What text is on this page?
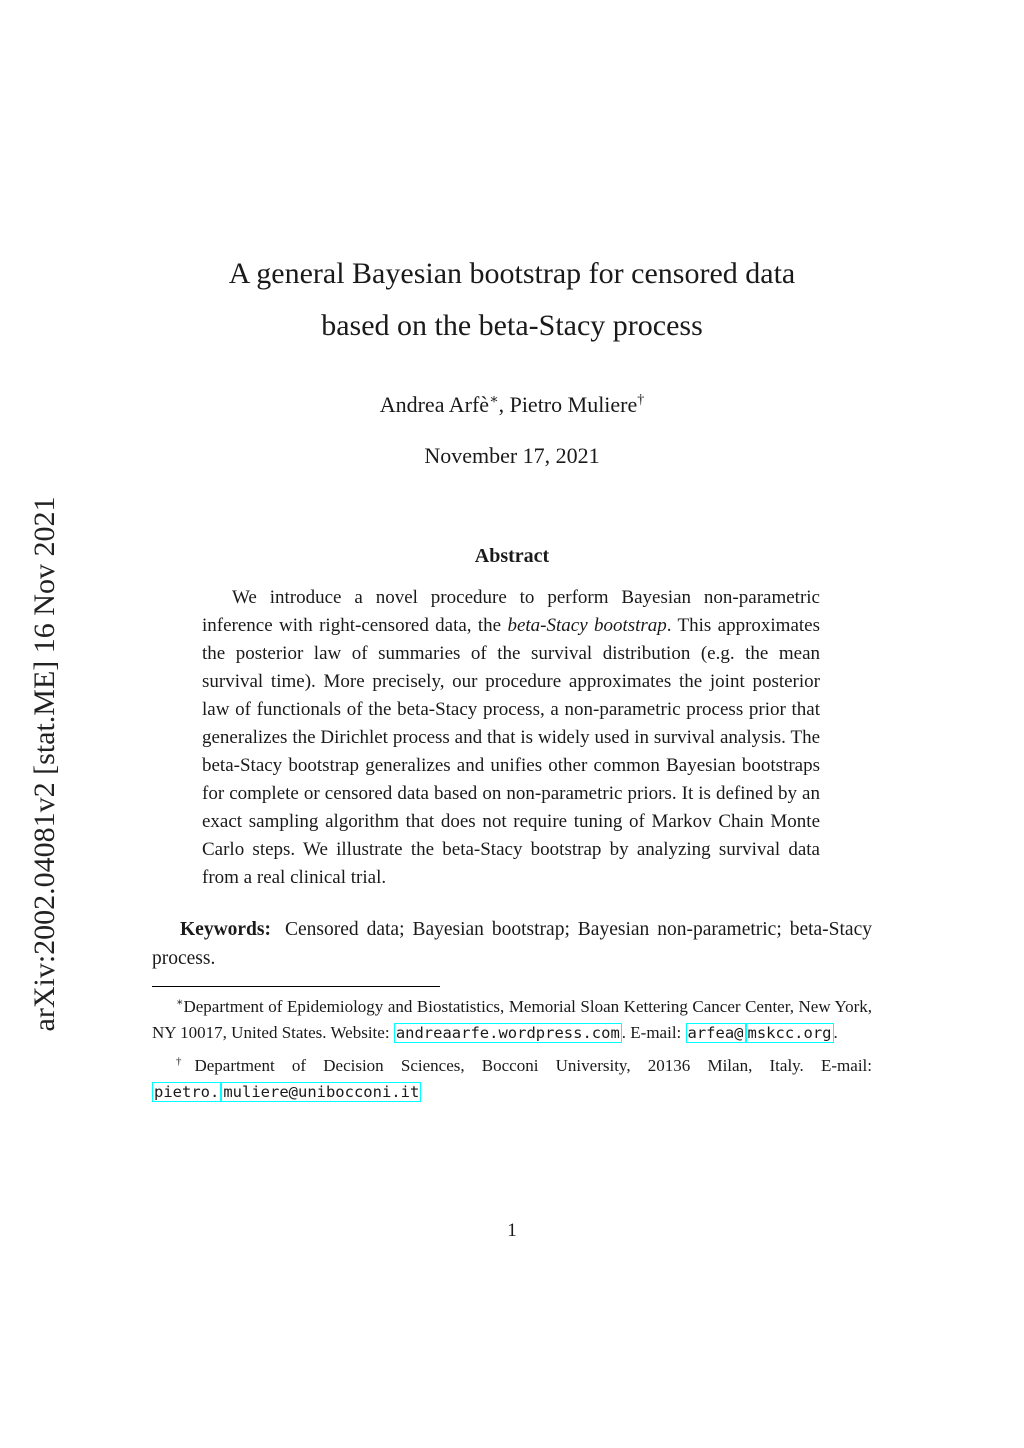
arXiv:2002.04081v2 [stat.ME] 16 Nov 2021
A general Bayesian bootstrap for censored data
based on the beta-Stacy process
Andrea Arfè∗, Pietro Muliere†
November 17, 2021
Abstract

We introduce a novel procedure to perform Bayesian non-parametric inference with right-censored data, the beta-Stacy bootstrap. This approximates the posterior law of summaries of the survival distribution (e.g. the mean survival time). More precisely, our procedure approximates the joint posterior law of functionals of the beta-Stacy process, a non-parametric process prior that generalizes the Dirichlet process and that is widely used in survival analysis. The beta-Stacy bootstrap generalizes and unifies other common Bayesian bootstraps for complete or censored data based on non-parametric priors. It is defined by an exact sampling algorithm that does not require tuning of Markov Chain Monte Carlo steps. We illustrate the beta-Stacy bootstrap by analyzing survival data from a real clinical trial.

Keywords: Censored data; Bayesian bootstrap; Bayesian non-parametric; beta-Stacy process.

∗Department of Epidemiology and Biostatistics, Memorial Sloan Kettering Cancer Center, New York, NY 10017, United States. Website: andreaarfe.wordpress.com . E-mail: arfea@ mskcc.org .

†Department of Decision Sciences, Bocconi University, 20136 Milan, Italy. E-mail: pietro. muliere@unibocconi.it

1
